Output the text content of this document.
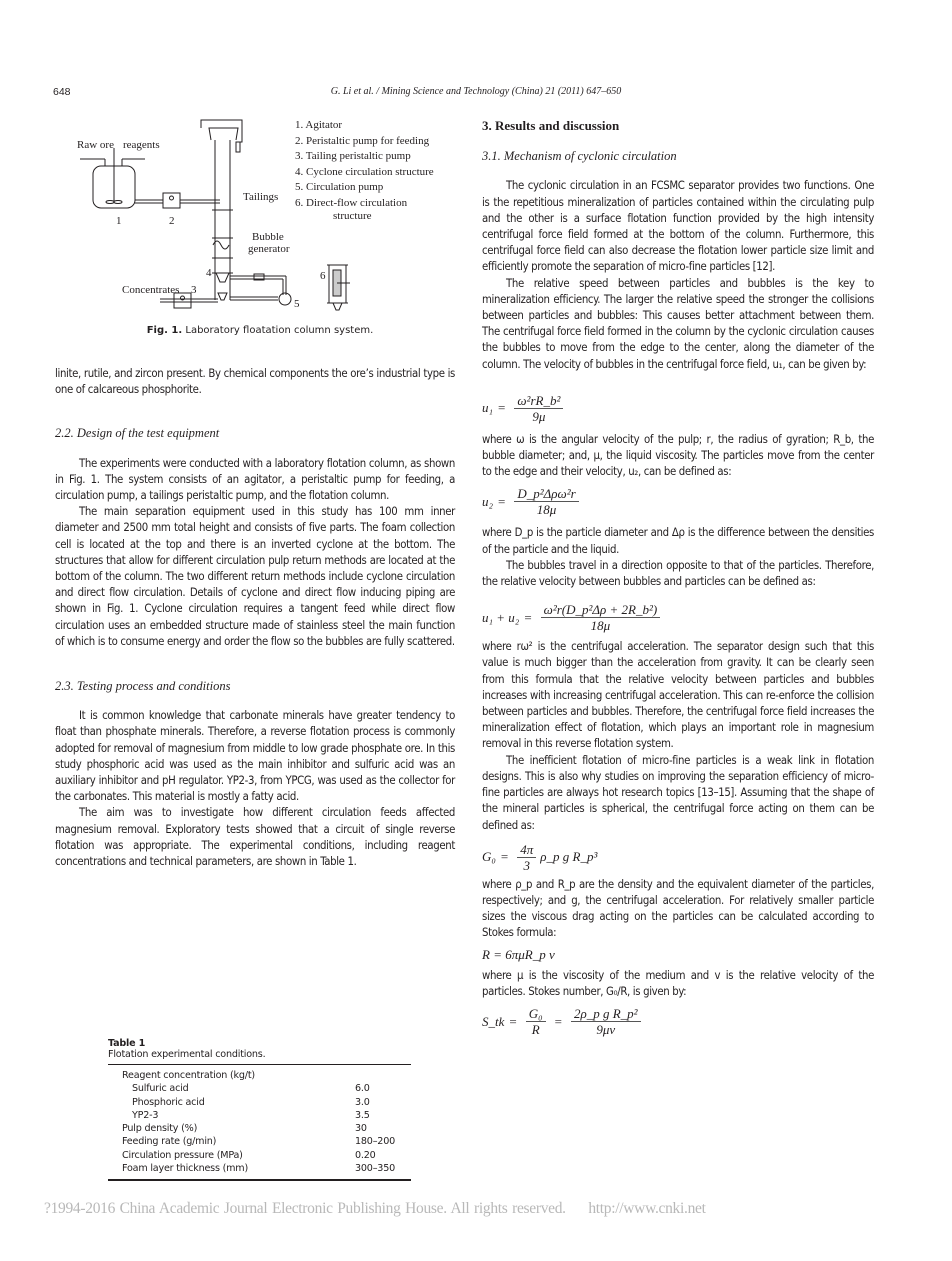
648	G. Li et al. / Mining Science and Technology (China) 21 (2011) 647–650
Raw ore reagents
1	2
Tailings
Bubble
generator
4
Concentrates 3
5
6
1. Agitator
2. Peristaltic pump for feeding
3. Tailing peristaltic pump
4. Cyclone circulation structure
5. Circulation pump
6. Direct-flow circulation
structure
Fig. 1. Laboratory floatation column system.

linite, rutile, and zircon present. By chemical components the ore’s industrial type is one of calcareous phosphorite.

2.2. Design of the test equipment

The experiments were conducted with a laboratory flotation column, as shown in Fig. 1. The system consists of an agitator, a peristaltic pump for feeding, a circulation pump, a tailings peristaltic pump, and the flotation column.

The main separation equipment used in this study has 100 mm inner diameter and 2500 mm total height and consists of five parts. The foam collection cell is located at the top and there is an inverted cyclone at the bottom. The structures that allow for different circulation pulp return methods are located at the bottom of the column. The two different return methods include cyclone circulation and direct flow circulation. Details of cyclone and direct flow inducing piping are shown in Fig. 1. Cyclone circulation requires a tangent feed while direct flow circulation uses an embedded structure made of stainless steel the main function of which is to consume energy and order the flow so the bubbles are fully scattered.

2.3. Testing process and conditions

It is common knowledge that carbonate minerals have greater tendency to float than phosphate minerals. Therefore, a reverse flotation process is commonly adopted for removal of magnesium from middle to low grade phosphate ore. In this study phosphoric acid was used as the main inhibitor and sulfuric acid was an auxiliary inhibitor and pH regulator. YP2-3, from YPCG, was used as the collector for the carbonates. This material is mostly a fatty acid.

The aim was to investigate how different circulation feeds affected magnesium removal. Exploratory tests showed that a circuit of single reverse flotation was appropriate. The experimental conditions, including reagent concentrations and technical parameters, are shown in Table 1.

Table 1
Flotation experimental conditions.
Reagent concentration (kg/t)	
Sulfuric acid	6.0
Phosphoric acid	3.0
YP2-3	3.5
Pulp density (%)	30
Feeding rate (g/min)	180–200
Circulation pressure (MPa)	0.20
Foam layer thickness (mm)	300–350

3. Results and discussion

3.1. Mechanism of cyclonic circulation

The cyclonic circulation in an FCSMC separator provides two functions. One is the repetitious mineralization of particles contained within the circulating pulp and the other is a surface flotation function provided by the high intensity centrifugal force field formed at the bottom of the column. Furthermore, this centrifugal force field can also decrease the flotation lower particle size limit and efficiently promote the separation of micro-fine particles [12].

The relative speed between particles and bubbles is the key to mineralization efficiency. The larger the relative speed the stronger the collisions between particles and bubbles: This causes better attachment between them. The centrifugal force field formed in the column by the cyclonic circulation causes the bubbles to move from the edge to the center, along the diameter of the column. The velocity of bubbles in the centrifugal force field, u₁, can be given by:

$u_1 = \frac{\text{ω²rR\_b²}}{9\mu}$

where ω is the angular velocity of the pulp; r, the radius of gyration; R_b, the bubble diameter; and, μ, the liquid viscosity. The particles move from the center to the edge and their velocity, u₂, can be defined as:

$u_2 = \frac{\text{D\_p²Δρω²r}}{18\mu}$

where D_p is the particle diameter and Δρ is the difference between the densities of the particle and the liquid.

The bubbles travel in a direction opposite to that of the particles. Therefore, the relative velocity between bubbles and particles can be defined as:

$u_1 + u_2 = \frac{\text{ω²r(D\_p²Δρ + 2R\_b²)}}{18\mu}$

where rω² is the centrifugal acceleration. The separator design such that this value is much bigger than the acceleration from gravity. It can be clearly seen from this formula that the relative velocity between particles and bubbles increases with increasing centrifugal acceleration. This can re-enforce the collision between particles and bubbles. Therefore, the centrifugal force field increases the mineralization effect of flotation, which plays an important role in magnesium removal in this reverse flotation system.

The inefficient flotation of micro-fine particles is a weak link in flotation designs. This is also why studies on improving the separation efficiency of micro-fine particles are always hot research topics [13–15]. Assuming that the shape of the mineral particles is spherical, the centrifugal force acting on them can be defined as:

$G_0 = \frac{4\pi}{3}$ ρ_p g R_p³

where ρ_p and R_p are the density and the equivalent diameter of the particles, respectively; and g, the centrifugal acceleration. For relatively smaller particle sizes the viscous drag acting on the particles can be calculated according to Stokes formula:

R = 6πμR_p v

where μ is the viscosity of the medium and v is the relative velocity of the particles. Stokes number, G₀/R, is given by:

S_tk = $\frac{\text{G₀}}{R} = \frac{\text{2ρ\_p g R\_p²}}{9\mu v}$
?1994-2016 China Academic Journal Electronic Publishing House. All rights reserved. http://www.cnki.net
